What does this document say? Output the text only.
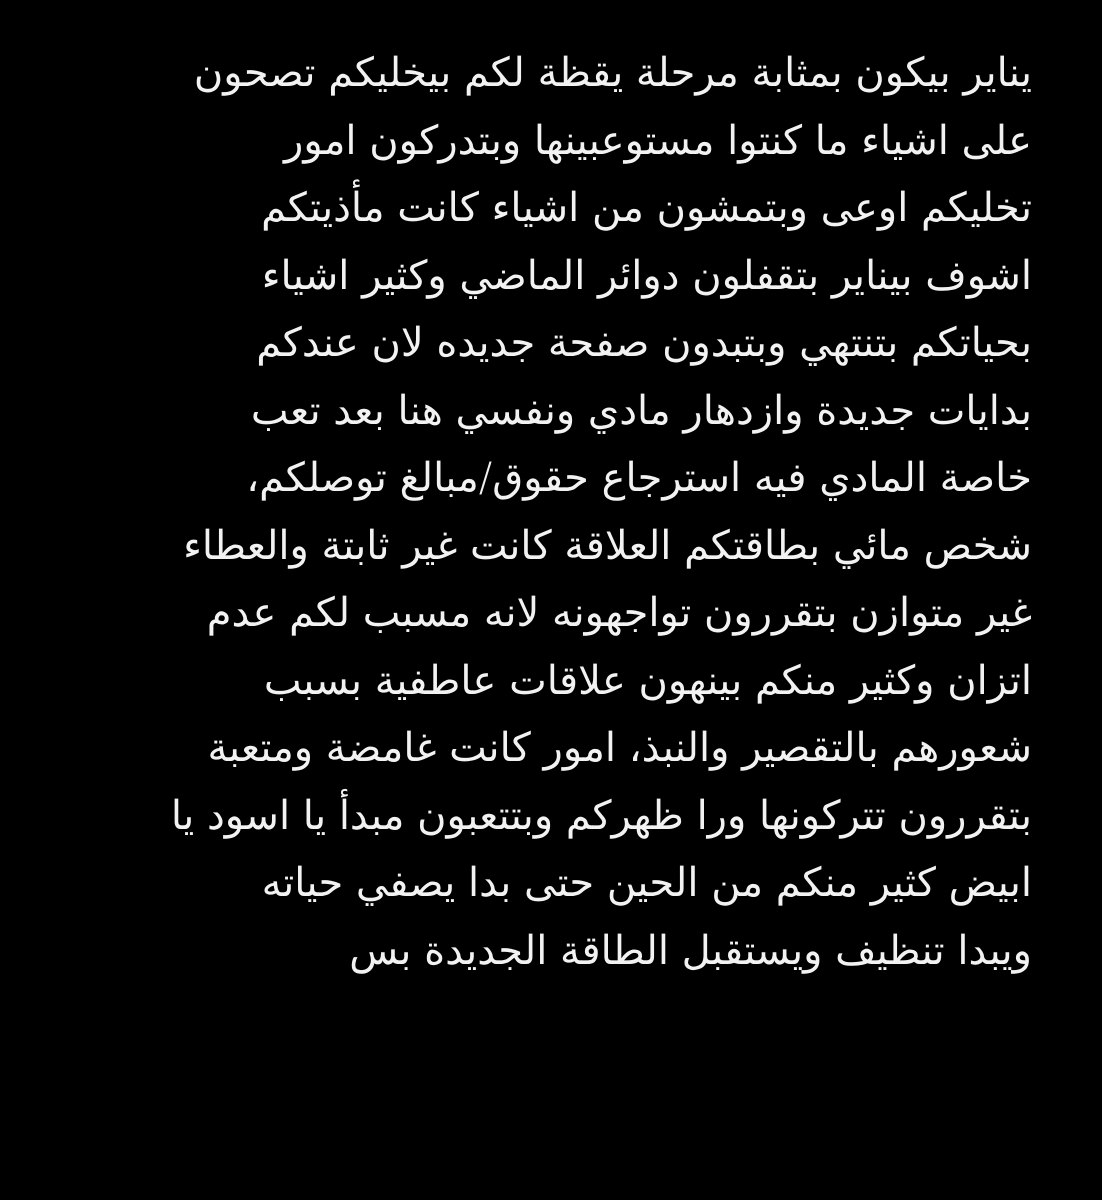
يناير بيكون بمثابة مرحلة يقظة لكم بيخليكم تصحون
على اشياء ما كنتوا مستوعبينها وبتدركون امور
تخليكم اوعى وبتمشون من اشياء كانت مأذيتكم
اشوف بيناير بتقفلون دوائر الماضي وكثير اشياء
بحياتكم بتنتهي وبتبدون صفحة جديده لان عندكم
بدايات جديدة وازدهار مادي ونفسي هنا بعد تعب
خاصة المادي فيه استرجاع حقوق/مبالغ توصلكم،
شخص مائي بطاقتكم العلاقة كانت غير ثابتة والعطاء
غير متوازن بتقررون تواجهونه لانه مسبب لكم عدم
اتزان وكثير منكم بينهون علاقات عاطفية بسبب
شعورهم بالتقصير والنبذ، امور كانت غامضة ومتعبة
بتقررون تتركونها ورا ظهركم وبتتعبون مبدأ يا اسود يا
ابيض كثير منكم من الحين حتى بدا يصفي حياته
ويبدا تنظيف ويستقبل الطاقة الجديدة بس
